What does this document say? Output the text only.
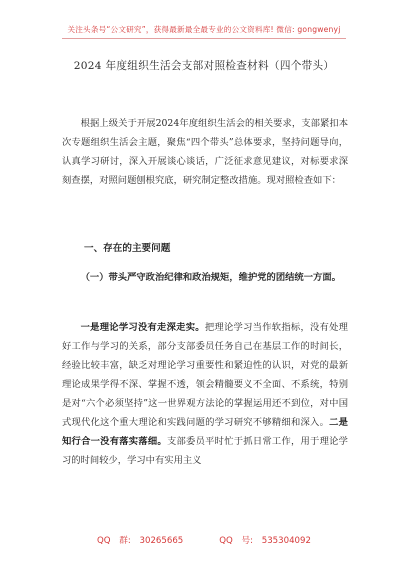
关注头条号“公文研究”，获得最新最全最专业的公文资料库! 微信: gongwenyj
2024 年度组织生活会支部对照检查材料（四个带头）

根据上级关于开展2024年度组织生活会的相关要求，支部紧扣本次专题组织生活会主题，聚焦“四个带头”总体要求，坚持问题导向，认真学习研讨，深入开展谈心谈话，广泛征求意见建议，对标要求深刻查摆，对照问题刨根究底，研究制定整改措施。现对照检查如下：

一、存在的主要问题

（一）带头严守政治纪律和政治规矩，维护党的团结统一方面。

一是理论学习没有走深走实。把理论学习当作软指标，没有处理好工作与学习的关系，部分支部委员任务自己在基层工作的时间长，经验比较丰富，缺乏对理论学习重要性和紧迫性的认识，对党的最新理论成果学得不深、掌握不透，领会精髓要义不全面、不系统，特别是对“六个必须坚持”这一世界观方法论的掌握运用还不到位，对中国式现代化这个重大理论和实践问题的学习研究不够精细和深入。二是知行合一没有落实落细。支部委员平时忙于抓日常工作，用于理论学习的时间较少，学习中有实用主义

QQ 群: 30265665	QQ 号: 535304092
